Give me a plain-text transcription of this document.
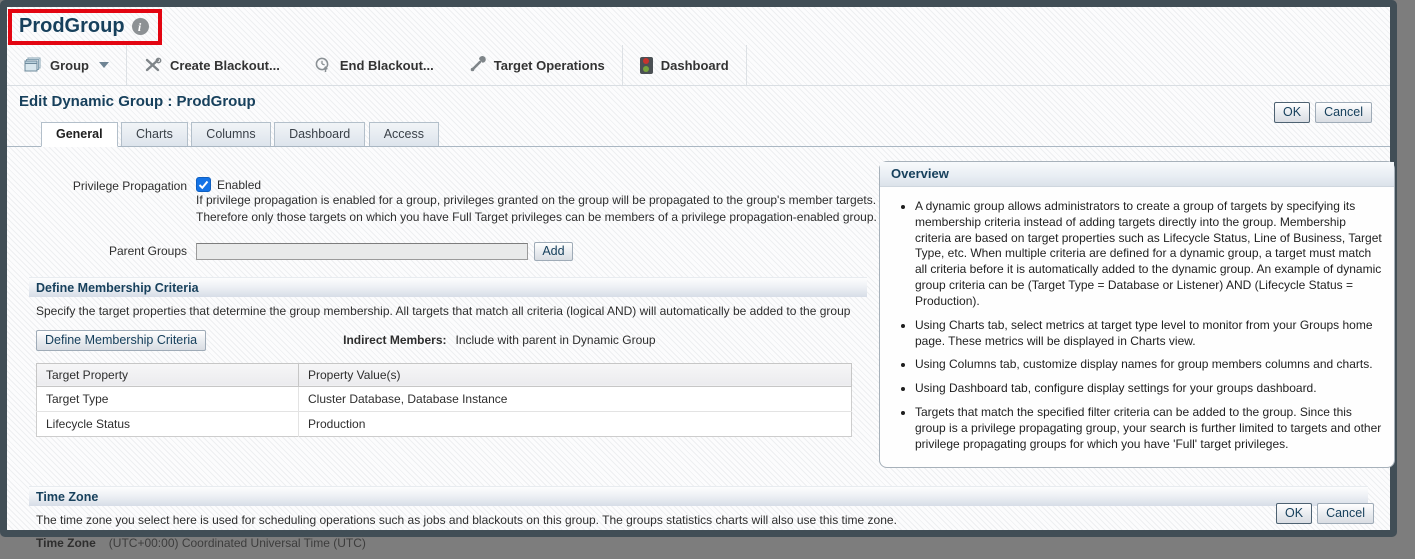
ProdGroup	i
Group	Create Blackout...	End Blackout...	Target Operations	Dashboard
Edit Dynamic Group : ProdGroup
OK	Cancel
General	Charts	Columns	Dashboard	Access
Privilege Propagation	Enabled
If privilege propagation is enabled for a group, privileges granted on the group will be propagated to the group's member targets.
Therefore only those targets on which you have Full Target privileges can be members of a privilege propagation-enabled group.
Parent Groups	Add
Define Membership Criteria
Specify the target properties that determine the group membership. All targets that match all criteria (logical AND) will automatically be added to the group
Define Membership Criteria	Indirect Members: Include with parent in Dynamic Group
Target Property	Property Value(s)
Target Type	Cluster Database, Database Instance
Lifecycle Status	Production
Overview
• A dynamic group allows administrators to create a group of targets by specifying its membership criteria instead of adding targets directly into the group. Membership criteria are based on target properties such as Lifecycle Status, Line of Business, Target Type, etc. When multiple criteria are defined for a dynamic group, a target must match all criteria before it is automatically added to the dynamic group. An example of dynamic group criteria can be (Target Type = Database or Listener) AND (Lifecycle Status = Production).
• Using Charts tab, select metrics at target type level to monitor from your Groups home page. These metrics will be displayed in Charts view.
• Using Columns tab, customize display names for group members columns and charts.
• Using Dashboard tab, configure display settings for your groups dashboard.
• Targets that match the specified filter criteria can be added to the group. Since this group is a privilege propagating group, your search is further limited to targets and other privilege propagating groups for which you have 'Full' target privileges.
Time Zone
The time zone you select here is used for scheduling operations such as jobs and blackouts on this group. The groups statistics charts will also use this time zone.
Time Zone (UTC+00:00) Coordinated Universal Time (UTC)
OK	Cancel
